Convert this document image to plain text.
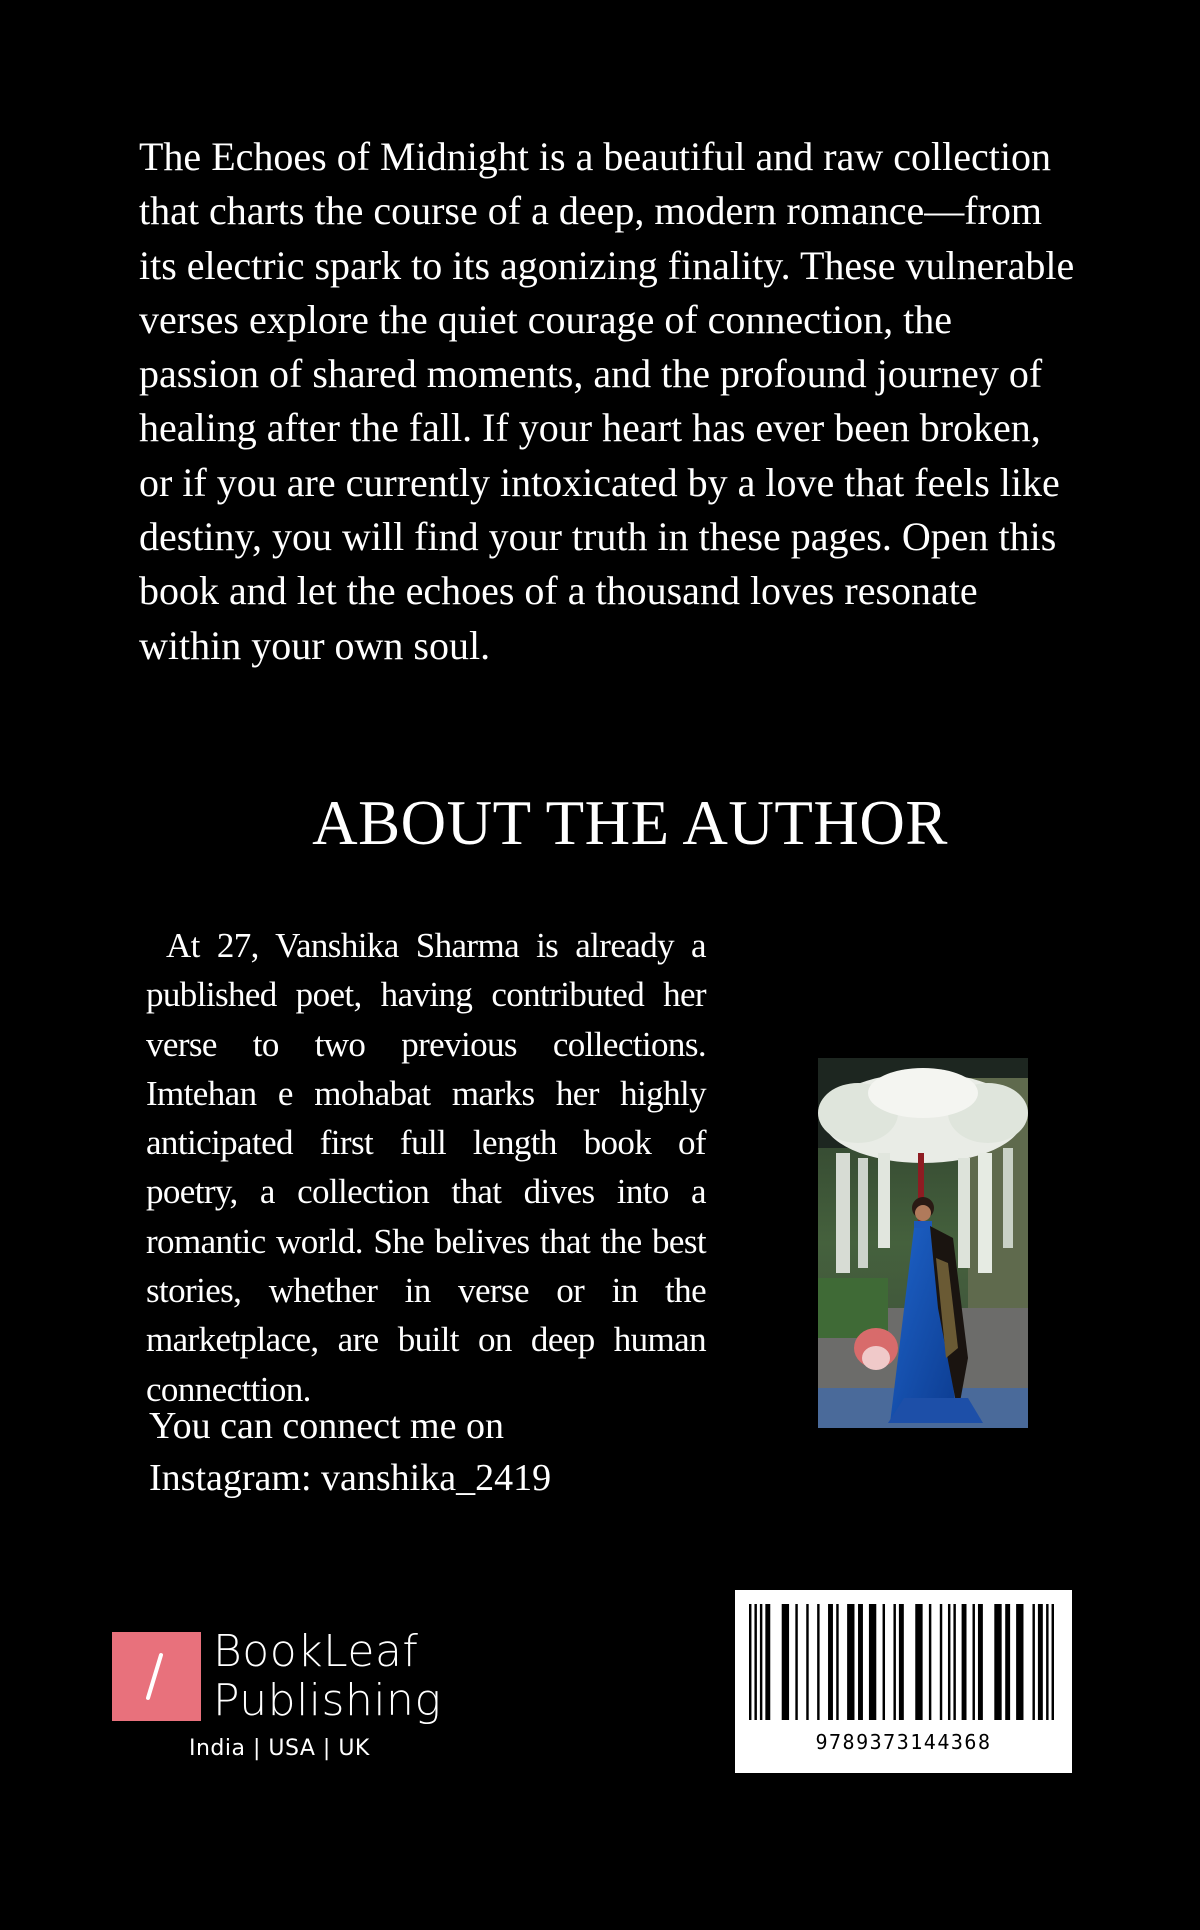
The Echoes of Midnight is a beautiful and raw collection that charts the course of a deep, modern romance—from its electric spark to its agonizing finality. These vulnerable verses explore the quiet courage of connection, the passion of shared moments, and the profound journey of healing after the fall. If your heart has ever been broken, or if you are currently intoxicated by a love that feels like destiny, you will find your truth in these pages. Open this book and let the echoes of a thousand loves resonate within your own soul.

ABOUT THE AUTHOR

At 27, Vanshika Sharma is already a published poet, having contributed her verse to two previous collections. Imtehan e mohabat marks her highly anticipated first full length book of poetry, a collection that dives into a romantic world. She belives that the best stories, whether in verse or in the marketplace, are built on deep human connecttion.

You can connect me on
Instagram: vanshika_2419

BookLeaf
Publishing
India | USA | UK	9789373144368
